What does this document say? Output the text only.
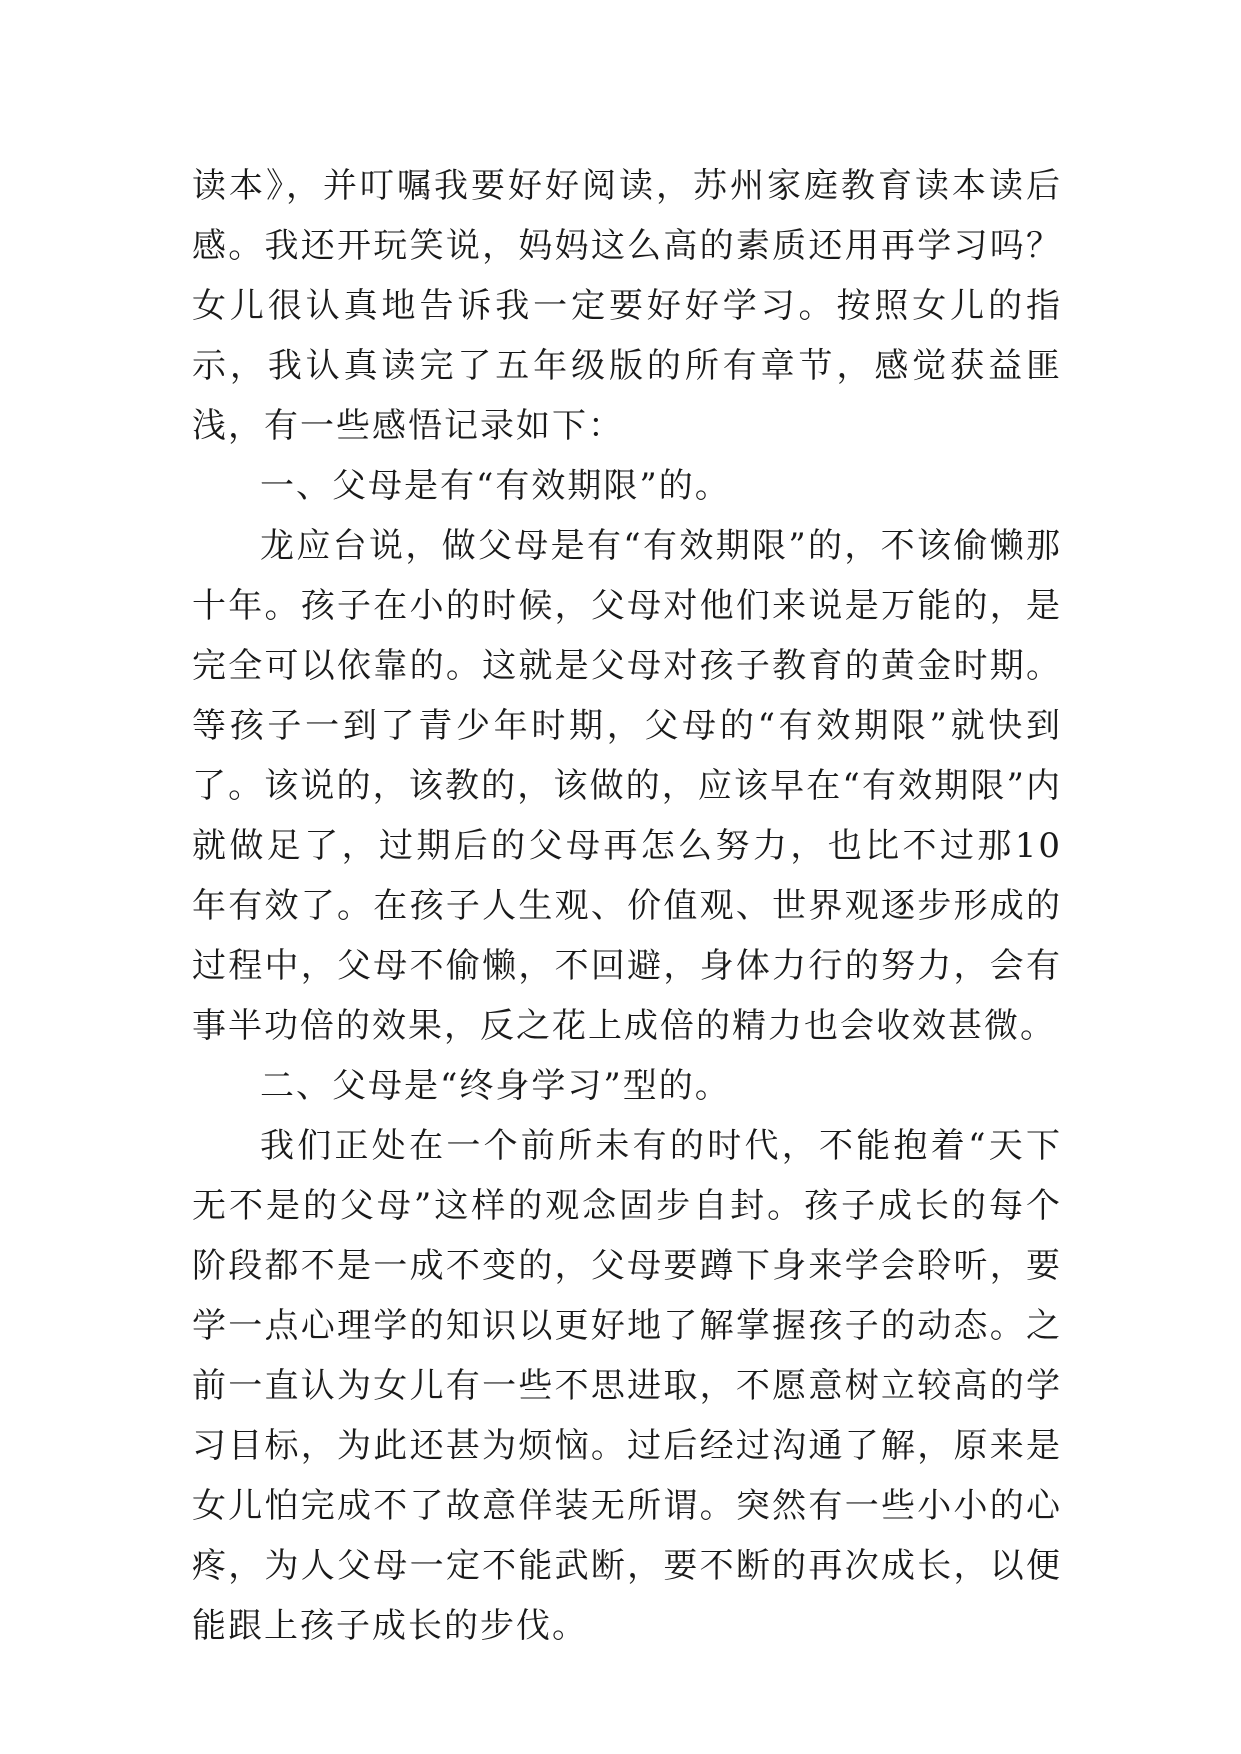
读本》，并叮嘱我要好好阅读，苏州家庭教育读本读后感。我还开玩笑说，妈妈这么高的素质还用再学习吗？女儿很认真地告诉我一定要好好学习。按照女儿的指示，我认真读完了五年级版的所有章节，感觉获益匪浅，有一些感悟记录如下：

一、父母是有“有效期限”的。

龙应台说，做父母是有“有效期限”的，不该偷懒那十年。孩子在小的时候，父母对他们来说是万能的，是完全可以依靠的。这就是父母对孩子教育的黄金时期。等孩子一到了青少年时期，父母的“有效期限”就快到了。该说的，该教的，该做的，应该早在“有效期限”内就做足了，过期后的父母再怎么努力，也比不过那10年有效了。在孩子人生观、价值观、世界观逐步形成的过程中，父母不偷懒，不回避，身体力行的努力，会有事半功倍的效果，反之花上成倍的精力也会收效甚微。

二、父母是“终身学习”型的。

我们正处在一个前所未有的时代，不能抱着“天下无不是的父母”这样的观念固步自封。孩子成长的每个阶段都不是一成不变的，父母要蹲下身来学会聆听，要学一点心理学的知识以更好地了解掌握孩子的动态。之前一直认为女儿有一些不思进取，不愿意树立较高的学习目标，为此还甚为烦恼。过后经过沟通了解，原来是女儿怕完成不了故意佯装无所谓。突然有一些小小的心疼，为人父母一定不能武断，要不断的再次成长，以便能跟上孩子成长的步伐。
